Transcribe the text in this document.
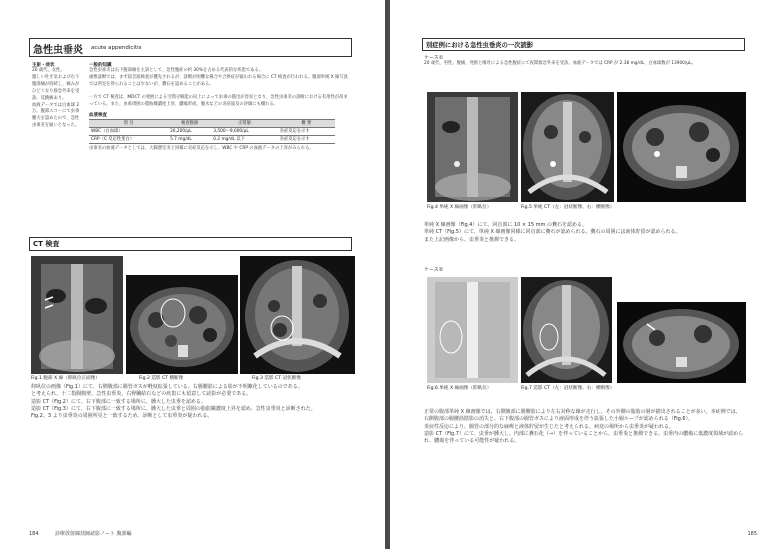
急性虫垂炎 acute appendicitis
主訴・症状
20 歳代、女性。
激しい吐き気および右下腹部痛が持続し、痛みがひどくなり救急外来を受診。反跳痛あり。
血液データでは白血球 2万。腹部エコーにて虫垂腫大を認めたので、急性虫垂炎を疑いとなった。
一般的知識
急性虫垂炎は右下腹部痛を主訴として、急性腹症の約 30%を占める代表的な疾患である。
画像診断では、まず超音波検査が優先されるが、診断が困難な場合や合併症が疑われる場合に CT 検査が行われる。腹部単純 X 線写真では所見を得られることは少ないが、糞石を認めることがある。
一方で CT 検査は、MDCT の発展による空間分解能の向上によって虫垂の描出が容易となり、急性虫垂炎の診断における有用性が高まっている。また、虫垂周囲の脂肪織濃度上昇、膿瘍形成、腹水などの炎症波及の評価にも優れる。
血液検査
項 目	検査数値	正常値	概 要
WBC（白血球）	20,200/μL	3,500〜9,000/μL	炎症反応を示す
CRP（C 反応性蛋白）	5.7 mg/dL	0.2 mg/dL 以下	炎症反応を示す
虫垂炎の血液データとしては、大腸憩室炎と同様に炎症反応を示し、WBC や CRP の血液データの上昇がみられる。
CT 検査
Fig.1 腹部 X 線（仰臥位正面像）	Fig.2 造影 CT 横断像	Fig.3 造影 CT 冠状断像
仰臥位の画像（Fig.1）にて、右側腹部に腸管ガスが軽度拡張している。右腸腰筋による影が不明瞭化しているのである。
と考えられ、十二指腸腹壁、急性虫垂炎、右腎臓結石などの疾患にも留意して読影が必要である。
造影 CT（Fig.2）にて、右下腹部に一致する場所に、腫大した虫垂を認める。
造影 CT（Fig.3）にて、右下腹部に一致する場所に、腫大した虫垂と周囲の脂肪織濃度上昇を認め、急性虫垂炎と診断された。
Fig.2、3 より虫垂炎の周囲所見と一致するため、診断として虫垂炎が疑われる。
184	診療放射線技師読影ノート 腹部編
別症例における急性虫垂炎の一次読影
ケース①
20 歳代、男性。腹痛、発熱と嘔吐による急性腹症にて夜間救急外来を受診。血液データでは CRP が 2.38 mg/dL、白血球数が 13900/μL。
Fig.4 単純 X 線画像（仰臥位）	Fig.5 単純 CT（左：冠状断像、右：横断像）
単純 X 線画像（Fig.4）にて、回盲部に 10 × 15 mm の糞石を認める。
単純 CT（Fig.5）にて、単純 X 線画像同様に回盲部に糞石が認められる。糞石の周囲には液体貯留が認められる。
また上記画像から、虫垂炎と推測できる。
ケース②
Fig.6 単純 X 線画像（仰臥位）	Fig.7 造影 CT（左：冠状断像、右：横断像）
正常の腹部単純 X 線画像では、右側腹部に腸腰筋により左右対称な線が走行し、その外側の脂肪の層が描出されることが多い。本症例では、
右側腹部の腸腰筋陰影の消失と、右下腹部の腸管ガスにより液面形成を伴う拡張した小腸ループが認められる（Fig.6）。
炎症性反応により、腸管の部分的な麻痺と液体貯留が生じたと考えられる。病変の場所から虫垂炎が疑われる。
造影 CT（Fig.7）にて、虫垂が腫大し、内部に糞石化（→）を伴っていることから、虫垂炎と推測できる。虫垂内の膿瘍に低濃度領域が認められ、膿瘍を伴っている可能性が疑われる。
185
